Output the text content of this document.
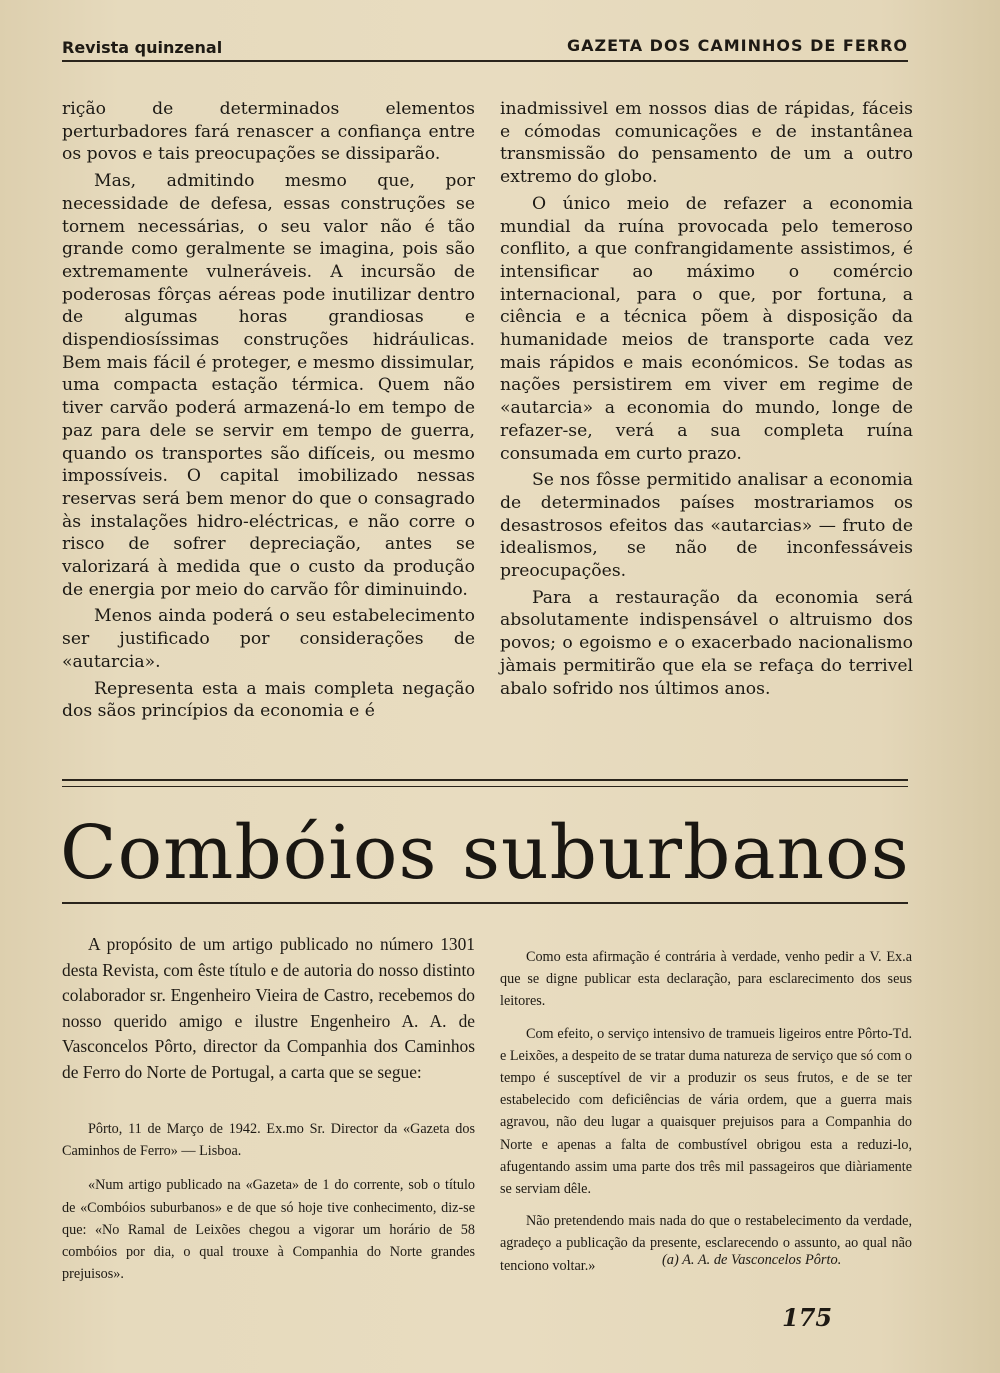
Revista quinzenal	GAZETA DOS CAMINHOS DE FERRO

rição de determinados elementos perturbadores fará renascer a confiança entre os povos e tais preocupações se dissiparão.

Mas, admitindo mesmo que, por necessidade de defesa, essas construções se tornem necessárias, o seu valor não é tão grande como geralmente se imagina, pois são extremamente vulneráveis. A incursão de poderosas fôrças aéreas pode inutilizar dentro de algumas horas grandiosas e dispendiosíssimas construções hidráulicas. Bem mais fácil é proteger, e mesmo dissimular, uma compacta estação térmica. Quem não tiver carvão poderá armazená-lo em tempo de paz para dele se servir em tempo de guerra, quando os transportes são difíceis, ou mesmo impossíveis. O capital imobilizado nessas reservas será bem menor do que o consagrado às instalações hidro-eléctricas, e não corre o risco de sofrer depreciação, antes se valorizará à medida que o custo da produção de energia por meio do carvão fôr diminuindo.

Menos ainda poderá o seu estabelecimento ser justificado por considerações de «autarcia».

Representa esta a mais completa negação dos sãos princípios da economia e é

inadmissivel em nossos dias de rápidas, fáceis e cómodas comunicações e de instantânea transmissão do pensamento de um a outro extremo do globo.

O único meio de refazer a economia mundial da ruína provocada pelo temeroso conflito, a que confrangidamente assistimos, é intensificar ao máximo o comércio internacional, para o que, por fortuna, a ciência e a técnica põem à disposição da humanidade meios de transporte cada vez mais rápidos e mais económicos. Se todas as nações persistirem em viver em regime de «autarcia» a economia do mundo, longe de refazer-se, verá a sua completa ruína consumada em curto prazo.

Se nos fôsse permitido analisar a economia de determinados países mostrariamos os desastrosos efeitos das «autarcias» — fruto de idealismos, se não de inconfessáveis preocupações.

Para a restauração da economia será absolutamente indispensável o altruismo dos povos; o egoismo e o exacerbado nacionalismo jàmais permitirão que ela se refaça do terrivel abalo sofrido nos últimos anos.

Combóios suburbanos

A propósito de um artigo publicado no número 1301 desta Revista, com êste título e de autoria do nosso distinto colaborador sr. Engenheiro Vieira de Castro, recebemos do nosso querido amigo e ilustre Engenheiro A. A. de Vasconcelos Pôrto, director da Companhia dos Caminhos de Ferro do Norte de Portugal, a carta que se segue:

Pôrto, 11 de Março de 1942. Ex.mo Sr. Director da «Gazeta dos Caminhos de Ferro» — Lisboa.

«Num artigo publicado na «Gazeta» de 1 do corrente, sob o título de «Combóios suburbanos» e de que só hoje tive conhecimento, diz-se que: «No Ramal de Leixões chegou a vigorar um horário de 58 combóios por dia, o qual trouxe à Companhia do Norte grandes prejuisos».

Como esta afirmação é contrária à verdade, venho pedir a V. Ex.a que se digne publicar esta declaração, para esclarecimento dos seus leitores.

Com efeito, o serviço intensivo de tramueis ligeiros entre Pôrto-Td. e Leixões, a despeito de se tratar duma natureza de serviço que só com o tempo é susceptível de vir a produzir os seus frutos, e de se ter estabelecido com deficiências de vária ordem, que a guerra mais agravou, não deu lugar a quaisquer prejuisos para a Companhia do Norte e apenas a falta de combustível obrigou esta a reduzi-lo, afugentando assim uma parte dos três mil passageiros que diàriamente se serviam dêle.

Não pretendendo mais nada do que o restabelecimento da verdade, agradeço a publicação da presente, esclarecendo o assunto, ao qual não tenciono voltar.»	(a) A. A. de Vasconcelos Pôrto.
175
